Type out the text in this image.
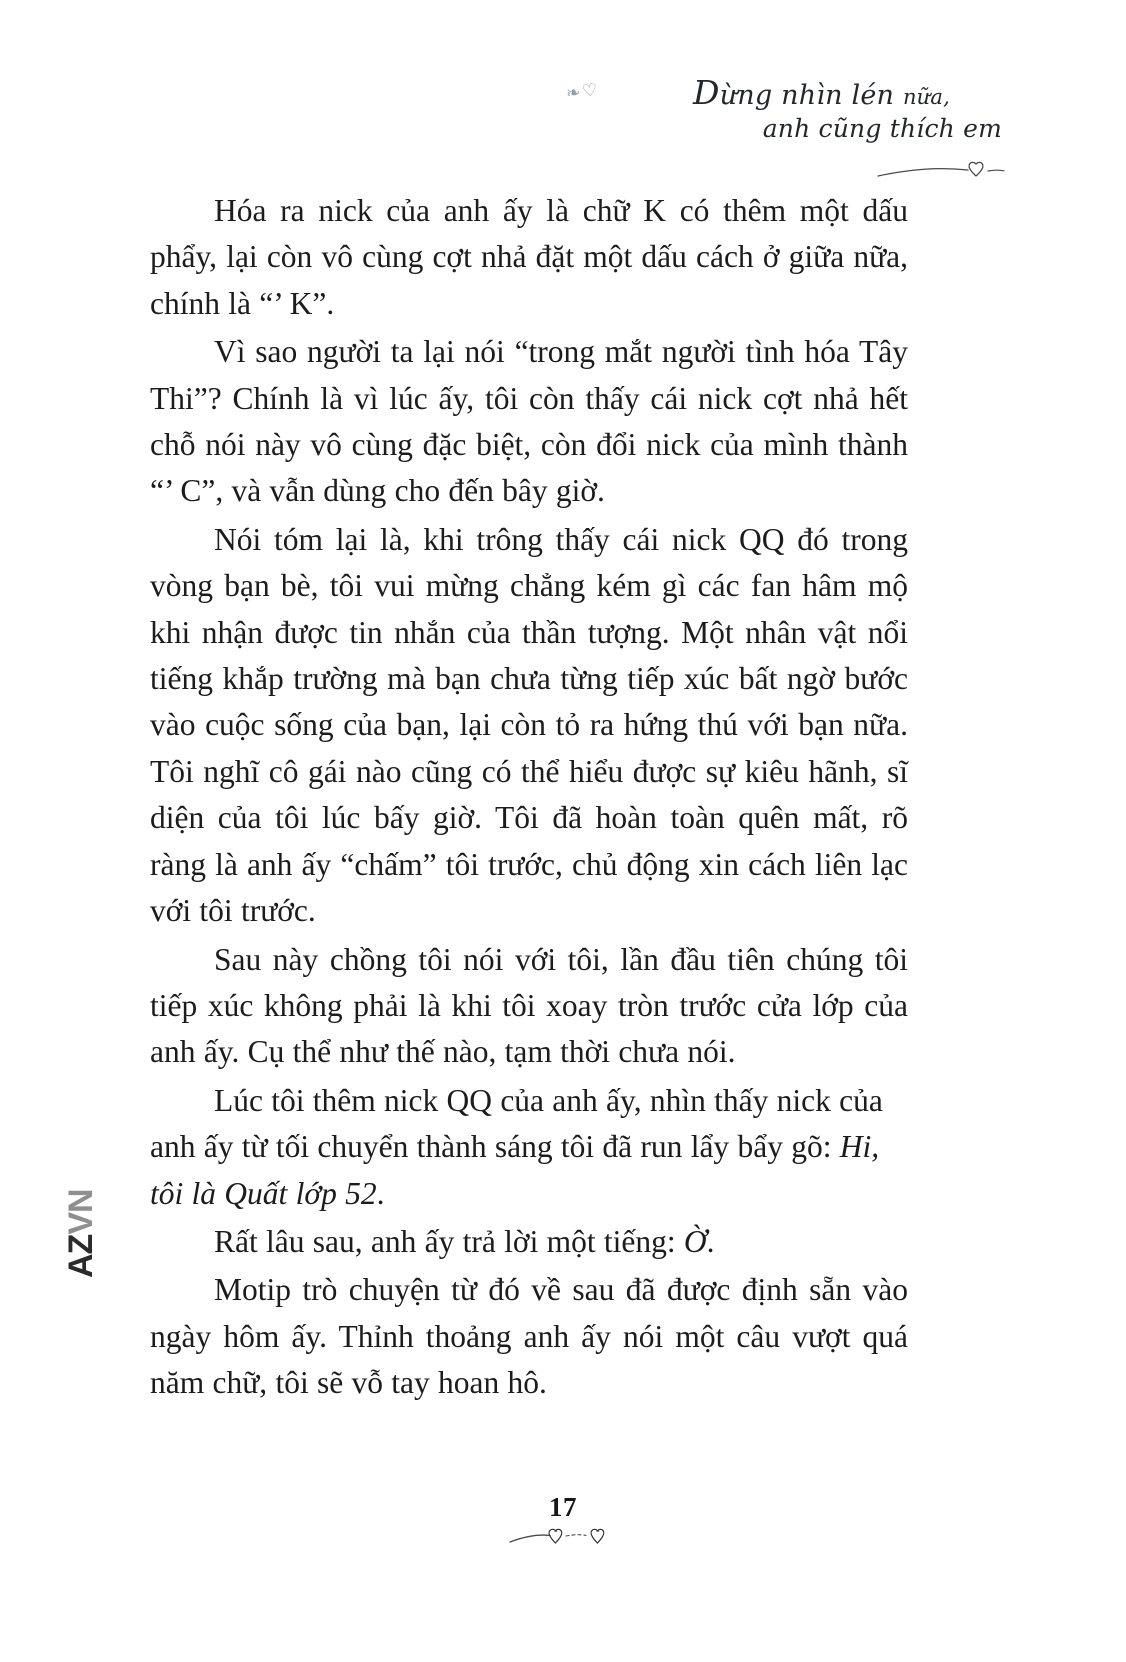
❧♡	Dừng nhìn lén nữa,
anh cũng thích em

Hóa ra nick của anh ấy là chữ K có thêm một dấu phẩy, lại còn vô cùng cợt nhả đặt một dấu cách ở giữa nữa, chính là “’ K”.

Vì sao người ta lại nói “trong mắt người tình hóa Tây Thi”? Chính là vì lúc ấy, tôi còn thấy cái nick cợt nhả hết chỗ nói này vô cùng đặc biệt, còn đổi nick của mình thành “’ C”, và vẫn dùng cho đến bây giờ.

Nói tóm lại là, khi trông thấy cái nick QQ đó trong vòng bạn bè, tôi vui mừng chẳng kém gì các fan hâm mộ khi nhận được tin nhắn của thần tượng. Một nhân vật nổi tiếng khắp trường mà bạn chưa từng tiếp xúc bất ngờ bước vào cuộc sống của bạn, lại còn tỏ ra hứng thú với bạn nữa. Tôi nghĩ cô gái nào cũng có thể hiểu được sự kiêu hãnh, sĩ diện của tôi lúc bấy giờ. Tôi đã hoàn toàn quên mất, rõ ràng là anh ấy “chấm” tôi trước, chủ động xin cách liên lạc với tôi trước.

Sau này chồng tôi nói với tôi, lần đầu tiên chúng tôi tiếp xúc không phải là khi tôi xoay tròn trước cửa lớp của anh ấy. Cụ thể như thế nào, tạm thời chưa nói.

Lúc tôi thêm nick QQ của anh ấy, nhìn thấy nick của anh ấy từ tối chuyển thành sáng tôi đã run lẩy bẩy gõ: Hi, tôi là Quất lớp 52.

Rất lâu sau, anh ấy trả lời một tiếng: Ờ.

Motip trò chuyện từ đó về sau đã được định sẵn vào ngày hôm ấy. Thỉnh thoảng anh ấy nói một câu vượt quá năm chữ, tôi sẽ vỗ tay hoan hô.

AZVN
17
